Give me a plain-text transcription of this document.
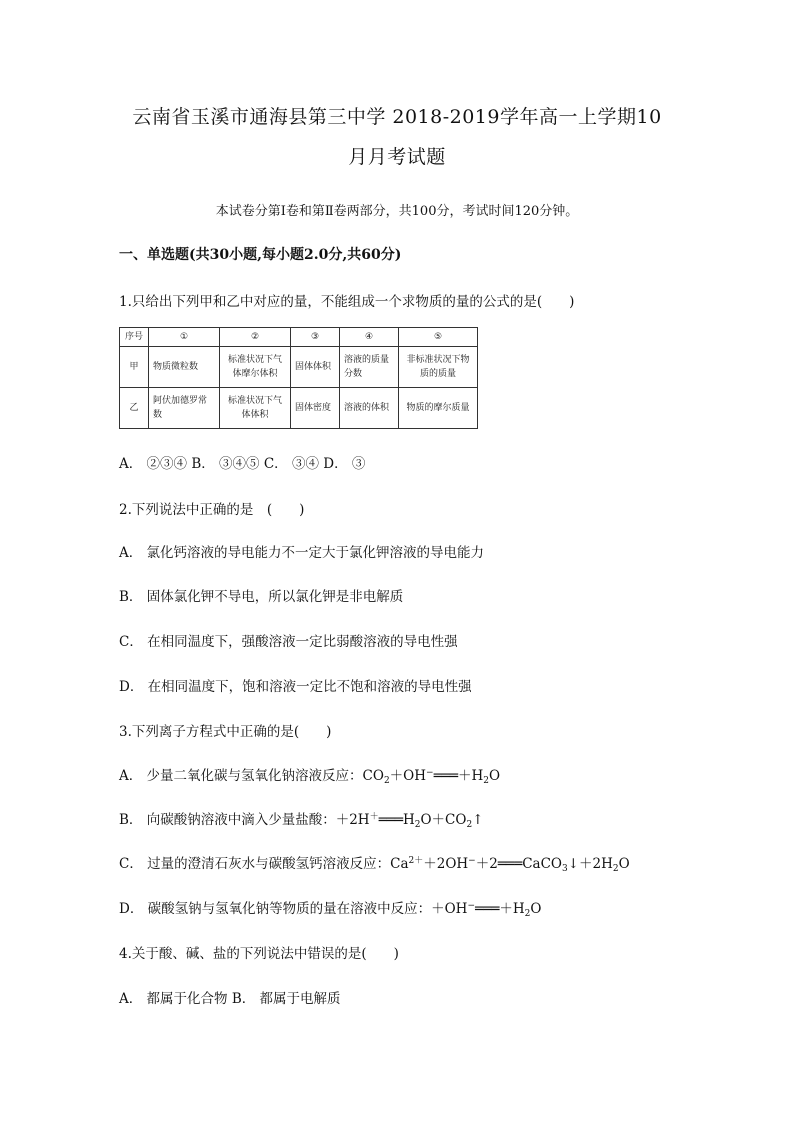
云南省玉溪市通海县第三中学 2018-2019学年高一上学期10
月月考试题
本试卷分第Ⅰ卷和第Ⅱ卷两部分，共100分，考试时间120分钟。
一、单选题(共30小题,每小题2.0分,共60分)
1.只给出下列甲和乙中对应的量，不能组成一个求物质的量的公式的是(　　)
序号	①	②	③	④	⑤
甲	物质微粒数	标准状况下气体摩尔体积	固体体积	溶液的质量分数	非标准状况下物质的质量
乙	阿伏加德罗常数	标准状况下气体体积	固体密度	溶液的体积	物质的摩尔质量
A． ②③④ B． ③④⑤ C． ③④ D． ③
2.下列说法中正确的是　(　　)
A． 氯化钙溶液的导电能力不一定大于氯化钾溶液的导电能力
B． 固体氯化钾不导电，所以氯化钾是非电解质
C． 在相同温度下，强酸溶液一定比弱酸溶液的导电性强
D． 在相同温度下，饱和溶液一定比不饱和溶液的导电性强
3.下列离子方程式中正确的是(　　)
A． 少量二氧化碳与氢氧化钠溶液反应：$CO_2+OH^-═══+H_2O$
B． 向碳酸钠溶液中滴入少量盐酸：$+2H^+═══H_2O+CO_2↑$
C． 过量的澄清石灰水与碳酸氢钙溶液反应：$Ca^{2+}+2OH^-+2═══CaCO_3↓+2H_2O$
D． 碳酸氢钠与氢氧化钠等物质的量在溶液中反应：$+OH^-═══+H_2O$
4.关于酸、碱、盐的下列说法中错误的是(　　)
A． 都属于化合物 B． 都属于电解质
